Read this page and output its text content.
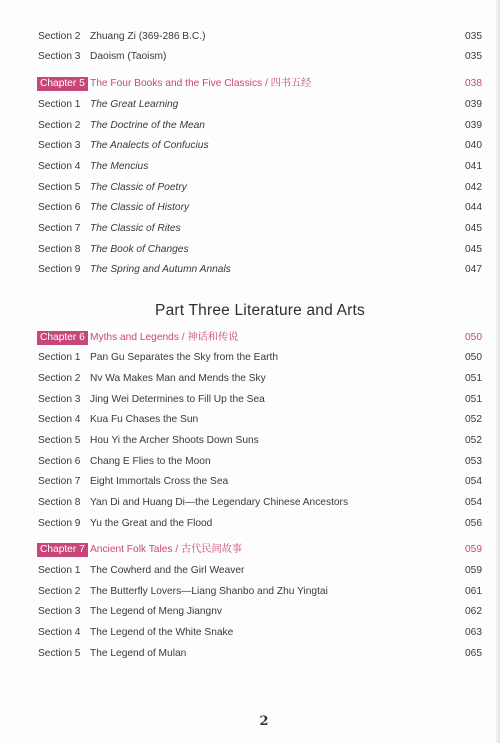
Section 2 Zhuang Zi (369-286 B.C.)	035
Section 3 Daoism (Taoism)	035
Chapter 5 The Four Books and the Five Classics / 四书五经	038
Section 1 The Great Learning	039
Section 2 The Doctrine of the Mean	039
Section 3 The Analects of Confucius	040
Section 4 The Mencius	041
Section 5 The Classic of Poetry	042
Section 6 The Classic of History	044
Section 7 The Classic of Rites	045
Section 8 The Book of Changes	045
Section 9 The Spring and Autumn Annals	047
Part Three Literature and Arts
Chapter 6 Myths and Legends / 神话和传说	050
Section 1 Pan Gu Separates the Sky from the Earth	050
Section 2 Nv Wa Makes Man and Mends the Sky	051
Section 3 Jing Wei Determines to Fill Up the Sea	051
Section 4 Kua Fu Chases the Sun	052
Section 5 Hou Yi the Archer Shoots Down Suns	052
Section 6 Chang E Flies to the Moon	053
Section 7 Eight Immortals Cross the Sea	054
Section 8 Yan Di and Huang Di—the Legendary Chinese Ancestors	054
Section 9 Yu the Great and the Flood	056
Chapter 7 Ancient Folk Tales / 古代民间故事	059
Section 1 The Cowherd and the Girl Weaver	059
Section 2 The Butterfly Lovers—Liang Shanbo and Zhu Yingtai	061
Section 3 The Legend of Meng Jiangnv	062
Section 4 The Legend of the White Snake	063
Section 5 The Legend of Mulan	065
2
